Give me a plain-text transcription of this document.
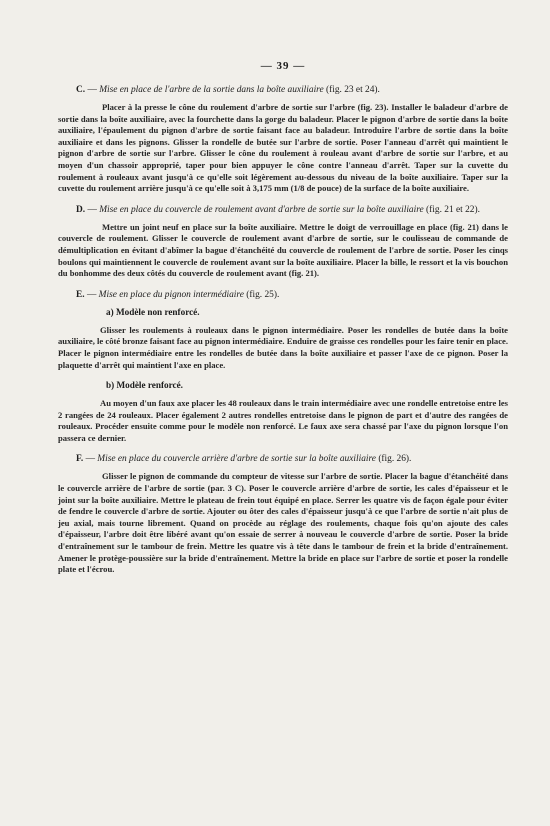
— 39 —
C. — Mise en place de l'arbre de la sortie dans la boîte auxiliaire (fig. 23 et 24).

Placer à la presse le cône du roulement d'arbre de sortie sur l'arbre (fig. 23). Installer le baladeur d'arbre de sortie dans la boîte auxiliaire, avec la fourchette dans la gorge du baladeur. Placer le pignon d'arbre de sortie dans la boîte auxiliaire, l'épaulement du pignon d'arbre de sortie faisant face au baladeur. Introduire l'arbre de sortie dans la boîte auxiliaire et dans les pignons. Glisser la rondelle de butée sur l'arbre de sortie. Poser l'anneau d'arrêt qui maintient le pignon d'arbre de sortie sur l'arbre. Glisser le cône du roulement à rouleau avant d'arbre de sortie sur l'arbre, et au moyen d'un chassoir approprié, taper pour bien appuyer le cône contre l'anneau d'arrêt. Taper sur la cuvette du roulement à rouleaux avant jusqu'à ce qu'elle soit légèrement au-dessous du niveau de la boîte auxiliaire. Taper sur la cuvette du roulement arrière jusqu'à ce qu'elle soit à 3,175 mm (1/8 de pouce) de la surface de la boîte auxiliaire.

D. — Mise en place du couvercle de roulement avant d'arbre de sortie sur la boîte auxiliaire (fig. 21 et 22).

Mettre un joint neuf en place sur la boîte auxiliaire. Mettre le doigt de verrouillage en place (fig. 21) dans le couvercle de roulement. Glisser le couvercle de roulement avant d'arbre de sortie, sur le coulisseau de commande de démultiplication en évitant d'abîmer la bague d'étanchéité du couvercle de roulement de l'arbre de sortie. Poser les cinqs boulons qui maintiennent le couvercle de roulement avant sur la boîte auxiliaire. Placer la bille, le ressort et la vis bouchon du bonhomme des deux côtés du couvercle de roulement avant (fig. 21).

E. — Mise en place du pignon intermédiaire (fig. 25).
a) Modèle non renforcé.

Glisser les roulements à rouleaux dans le pignon intermédiaire. Poser les rondelles de butée dans la boîte auxiliaire, le côté bronze faisant face au pignon intermédiaire. Enduire de graisse ces rondelles pour les faire tenir en place. Placer le pignon intermédiaire entre les rondelles de butée dans la boîte auxiliaire et passer l'axe de ce pignon. Poser la plaquette d'arrêt qui maintient l'axe en place.

b) Modèle renforcé.

Au moyen d'un faux axe placer les 48 rouleaux dans le train intermédiaire avec une rondelle entretoise entre les 2 rangées de 24 rouleaux. Placer également 2 autres rondelles entretoise dans le pignon de part et d'autre des rangées de rouleaux. Procéder ensuite comme pour le modèle non renforcé. Le faux axe sera chassé par l'axe du pignon lorsque l'on passera ce dernier.

F. — Mise en place du couvercle arrière d'arbre de sortie sur la boîte auxiliaire (fig. 26).

Glisser le pignon de commande du compteur de vitesse sur l'arbre de sortie. Placer la bague d'étanchéité dans le couvercle arrière de l'arbre de sortie (par. 3 C). Poser le couvercle arrière d'arbre de sortie, les cales d'épaisseur et le joint sur la boîte auxiliaire. Mettre le plateau de frein tout équipé en place. Serrer les quatre vis de façon égale pour éviter de fendre le couvercle d'arbre de sortie. Ajouter ou ôter des cales d'épaisseur jusqu'à ce que l'arbre de sortie n'ait plus de jeu axial, mais tourne librement. Quand on procède au réglage des roulements, chaque fois qu'on ajoute des cales d'épaisseur, l'arbre doit être libéré avant qu'on essaie de serrer à nouveau le couvercle d'arbre de sortie. Poser la bride d'entraînement sur le tambour de frein. Mettre les quatre vis à tête dans le tambour de frein et la bride d'entraînement. Amener le protège-poussière sur la bride d'entraînement. Mettre la bride en place sur l'arbre de sortie et poser la rondelle plate et l'écrou.
